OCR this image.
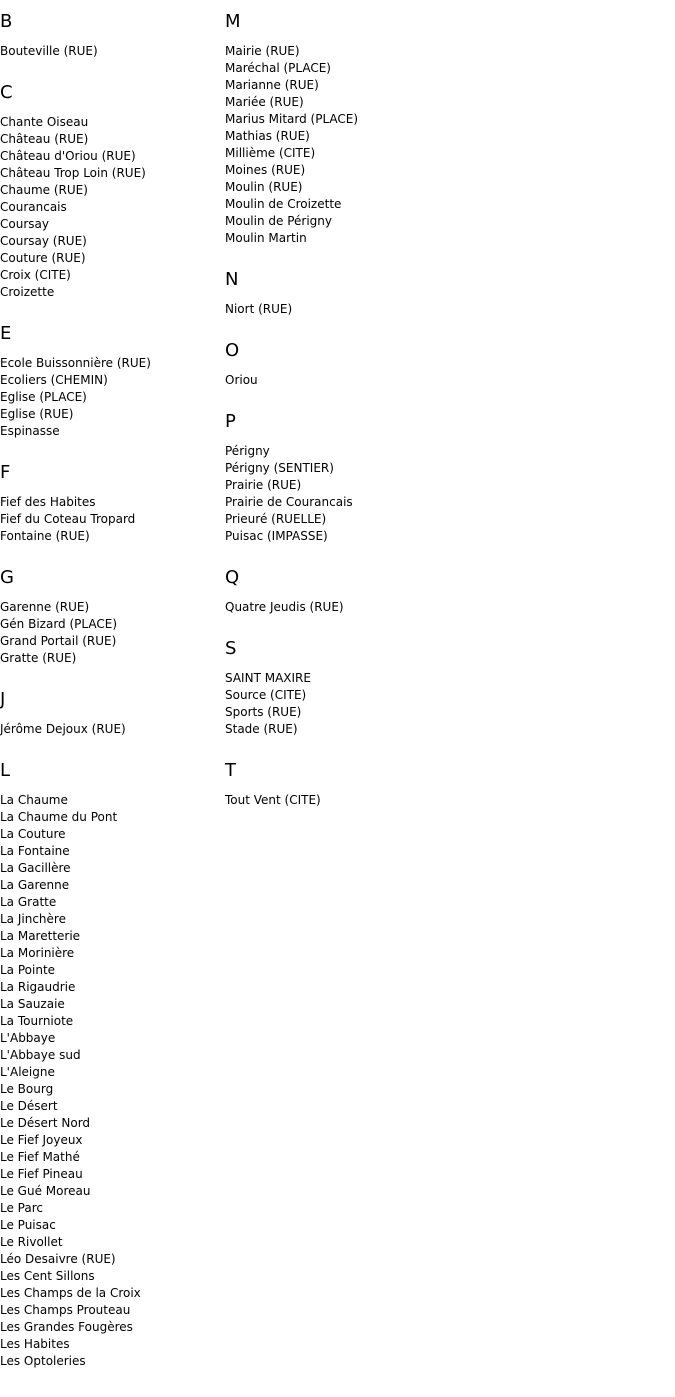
B
Bouteville (RUE)
C
Chante Oiseau
Château (RUE)
Château d'Oriou (RUE)
Château Trop Loin (RUE)
Chaume (RUE)
Courancais
Coursay
Coursay (RUE)
Couture (RUE)
Croix (CITE)
Croizette
E
Ecole Buissonnière (RUE)
Ecoliers (CHEMIN)
Eglise (PLACE)
Eglise (RUE)
Espinasse
F
Fief des Habites
Fief du Coteau Tropard
Fontaine (RUE)
G
Garenne (RUE)
Gén Bizard (PLACE)
Grand Portail (RUE)
Gratte (RUE)
J
Jérôme Dejoux (RUE)
L
La Chaume
La Chaume du Pont
La Couture
La Fontaine
La Gacillère
La Garenne
La Gratte
La Jinchère
La Maretterie
La Morinière
La Pointe
La Rigaudrie
La Sauzaie
La Tourniote
L'Abbaye
L'Abbaye sud
L'Aleigne
Le Bourg
Le Désert
Le Désert Nord
Le Fief Joyeux
Le Fief Mathé
Le Fief Pineau
Le Gué Moreau
Le Parc
Le Puisac
Le Rivollet
Léo Desaivre (RUE)
Les Cent Sillons
Les Champs de la Croix
Les Champs Prouteau
Les Grandes Fougères
Les Habites
Les Optoleries
M
Mairie (RUE)
Maréchal (PLACE)
Marianne (RUE)
Mariée (RUE)
Marius Mitard (PLACE)
Mathias (RUE)
Millième (CITE)
Moines (RUE)
Moulin (RUE)
Moulin de Croizette
Moulin de Périgny
Moulin Martin
N
Niort (RUE)
O
Oriou
P
Périgny
Périgny (SENTIER)
Prairie (RUE)
Prairie de Courancais
Prieuré (RUELLE)
Puisac (IMPASSE)
Q
Quatre Jeudis (RUE)
S
SAINT MAXIRE
Source (CITE)
Sports (RUE)
Stade (RUE)
T
Tout Vent (CITE)
